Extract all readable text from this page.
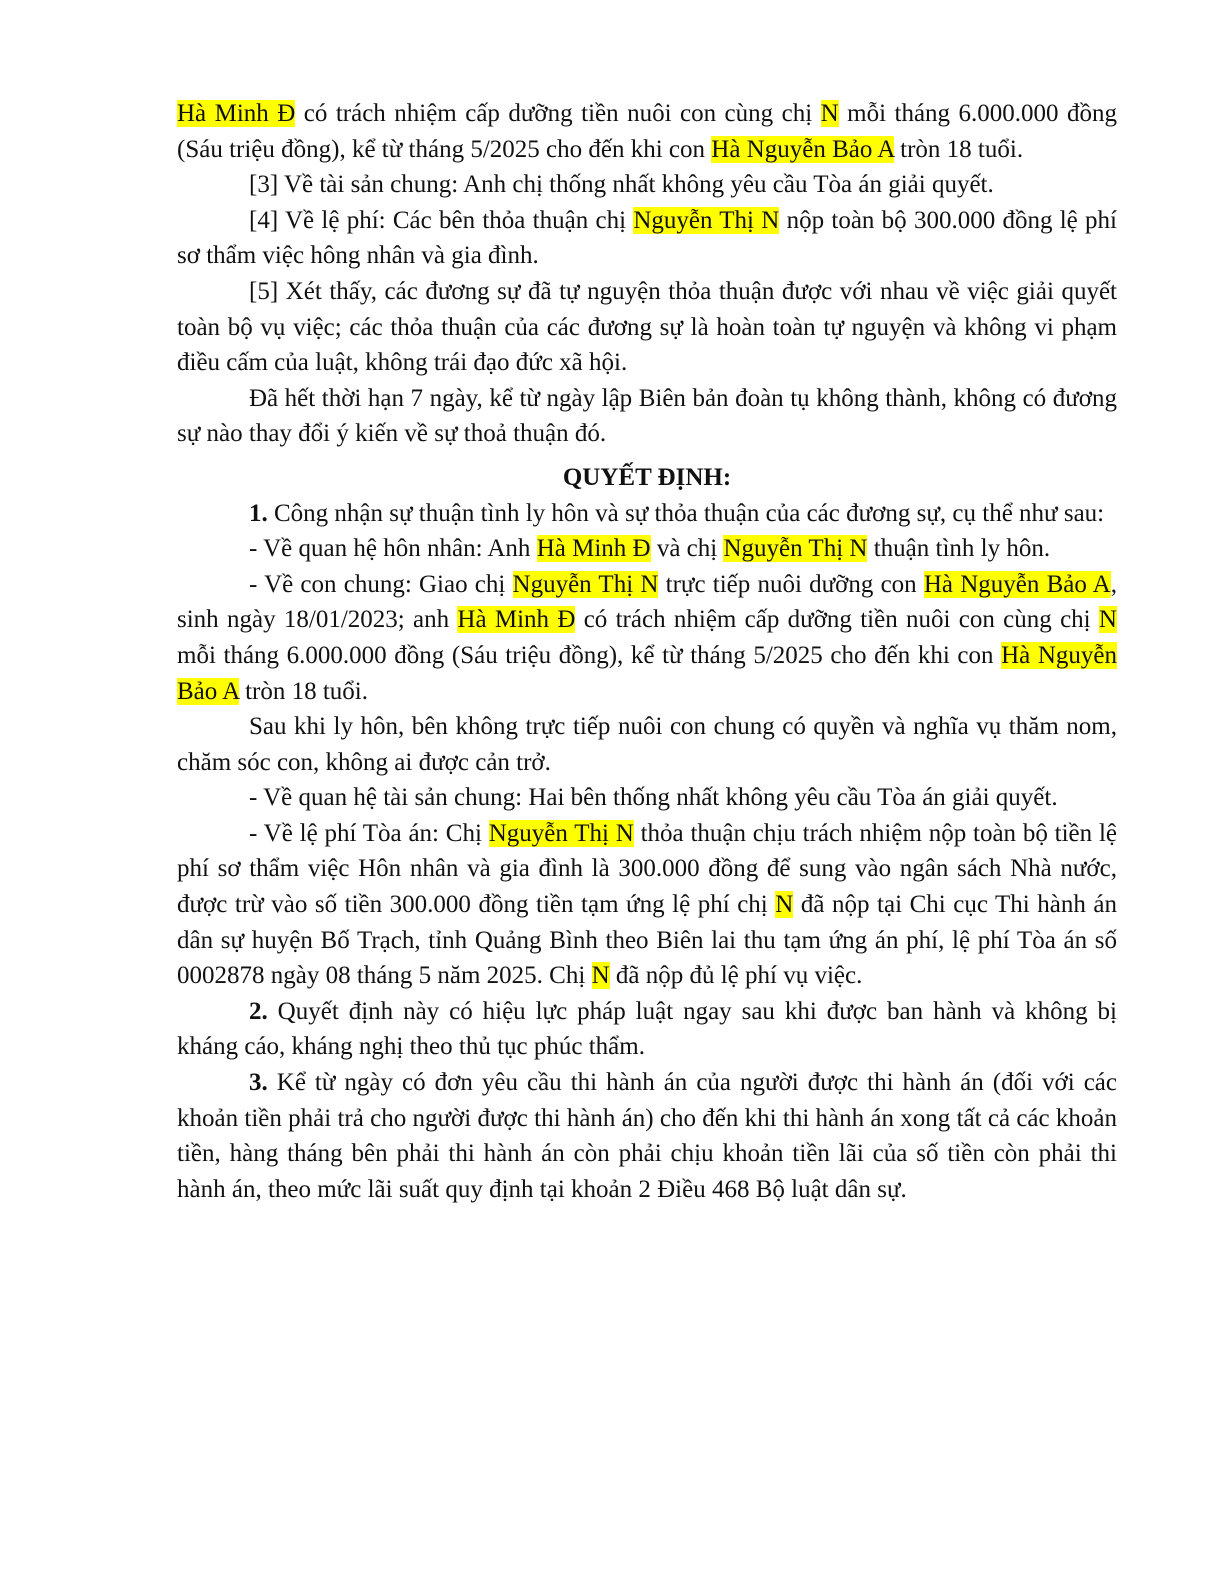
Hà Minh Đ có trách nhiệm cấp dưỡng tiền nuôi con cùng chị N mỗi tháng 6.000.000 đồng (Sáu triệu đồng), kể từ tháng 5/2025 cho đến khi con Hà Nguyễn Bảo A tròn 18 tuổi.

[3] Về tài sản chung: Anh chị thống nhất không yêu cầu Tòa án giải quyết.

[4] Về lệ phí: Các bên thỏa thuận chị Nguyễn Thị N nộp toàn bộ 300.000 đồng lệ phí sơ thẩm việc hông nhân và gia đình.

[5] Xét thấy, các đương sự đã tự nguyện thỏa thuận được với nhau về việc giải quyết toàn bộ vụ việc; các thỏa thuận của các đương sự là hoàn toàn tự nguyện và không vi phạm điều cấm của luật, không trái đạo đức xã hội.

Đã hết thời hạn 7 ngày, kể từ ngày lập Biên bản đoàn tụ không thành, không có đương sự nào thay đổi ý kiến về sự thoả thuận đó.

QUYẾT ĐỊNH:

1. Công nhận sự thuận tình ly hôn và sự thỏa thuận của các đương sự, cụ thể như sau:

- Về quan hệ hôn nhân: Anh Hà Minh Đ và chị Nguyễn Thị N thuận tình ly hôn.

- Về con chung: Giao chị Nguyễn Thị N trực tiếp nuôi dưỡng con Hà Nguyễn Bảo A, sinh ngày 18/01/2023; anh Hà Minh Đ có trách nhiệm cấp dưỡng tiền nuôi con cùng chị N mỗi tháng 6.000.000 đồng (Sáu triệu đồng), kể từ tháng 5/2025 cho đến khi con Hà Nguyễn Bảo A tròn 18 tuổi.

Sau khi ly hôn, bên không trực tiếp nuôi con chung có quyền và nghĩa vụ thăm nom, chăm sóc con, không ai được cản trở.

- Về quan hệ tài sản chung: Hai bên thống nhất không yêu cầu Tòa án giải quyết.

- Về lệ phí Tòa án: Chị Nguyễn Thị N thỏa thuận chịu trách nhiệm nộp toàn bộ tiền lệ phí sơ thẩm việc Hôn nhân và gia đình là 300.000 đồng để sung vào ngân sách Nhà nước, được trừ vào số tiền 300.000 đồng tiền tạm ứng lệ phí chị N đã nộp tại Chi cục Thi hành án dân sự huyện Bố Trạch, tỉnh Quảng Bình theo Biên lai thu tạm ứng án phí, lệ phí Tòa án số 0002878 ngày 08 tháng 5 năm 2025. Chị N đã nộp đủ lệ phí vụ việc.

2. Quyết định này có hiệu lực pháp luật ngay sau khi được ban hành và không bị kháng cáo, kháng nghị theo thủ tục phúc thẩm.

3. Kể từ ngày có đơn yêu cầu thi hành án của người được thi hành án (đối với các khoản tiền phải trả cho người được thi hành án) cho đến khi thi hành án xong tất cả các khoản tiền, hàng tháng bên phải thi hành án còn phải chịu khoản tiền lãi của số tiền còn phải thi hành án, theo mức lãi suất quy định tại khoản 2 Điều 468 Bộ luật dân sự.
